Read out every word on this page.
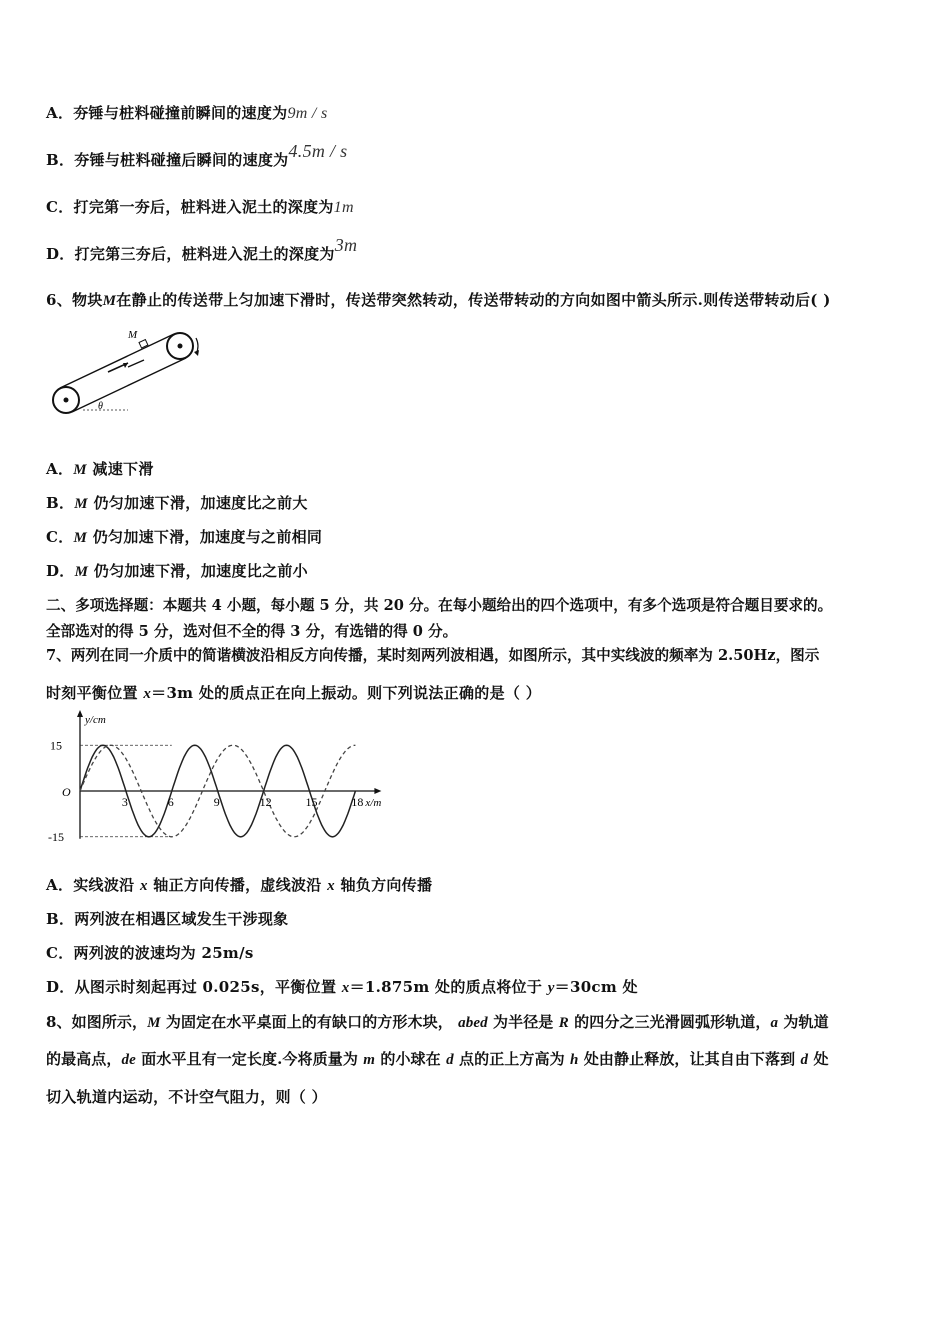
A．夯锤与桩料碰撞前瞬间的速度为9m / s
B．夯锤与桩料碰撞后瞬间的速度为4.5m / s
C．打完第一夯后，桩料进入泥土的深度为1m
D．打完第三夯后，桩料进入泥土的深度为3m
6、物块M在静止的传送带上匀加速下滑时，传送带突然转动，传送带转动的方向如图中箭头所示.则传送带转动后( )
M
θ
A．M 减速下滑
B．M 仍匀加速下滑，加速度比之前大
C．M 仍匀加速下滑，加速度与之前相同
D．M 仍匀加速下滑，加速度比之前小
二、多项选择题：本题共 4 小题，每小题 5 分，共 20 分。在每小题给出的四个选项中，有多个选项是符合题目要求的。
全部选对的得 5 分，选对但不全的得 3 分，有选错的得 0 分。
7、两列在同一介质中的简谐横波沿相反方向传播，某时刻两列波相遇，如图所示，其中实线波的频率为 2.50Hz，图示
时刻平衡位置 x＝3m 处的质点正在向上振动。则下列说法正确的是（ ）
3	6	9	12	15	18
15
-15
O
y/cm
x/m
A．实线波沿 x 轴正方向传播，虚线波沿 x 轴负方向传播
B．两列波在相遇区域发生干涉现象
C．两列波的波速均为 25m/s
D．从图示时刻起再过 0.025s，平衡位置 x＝1.875m 处的质点将位于 y＝30cm 处
8、如图所示，M 为固定在水平桌面上的有缺口的方形木块， abed 为半径是 R 的四分之三光滑圆弧形轨道，a 为轨道
的最高点，de 面水平且有一定长度.今将质量为 m 的小球在 d 点的正上方高为 h 处由静止释放，让其自由下落到 d 处
切入轨道内运动，不计空气阻力，则（ ）
